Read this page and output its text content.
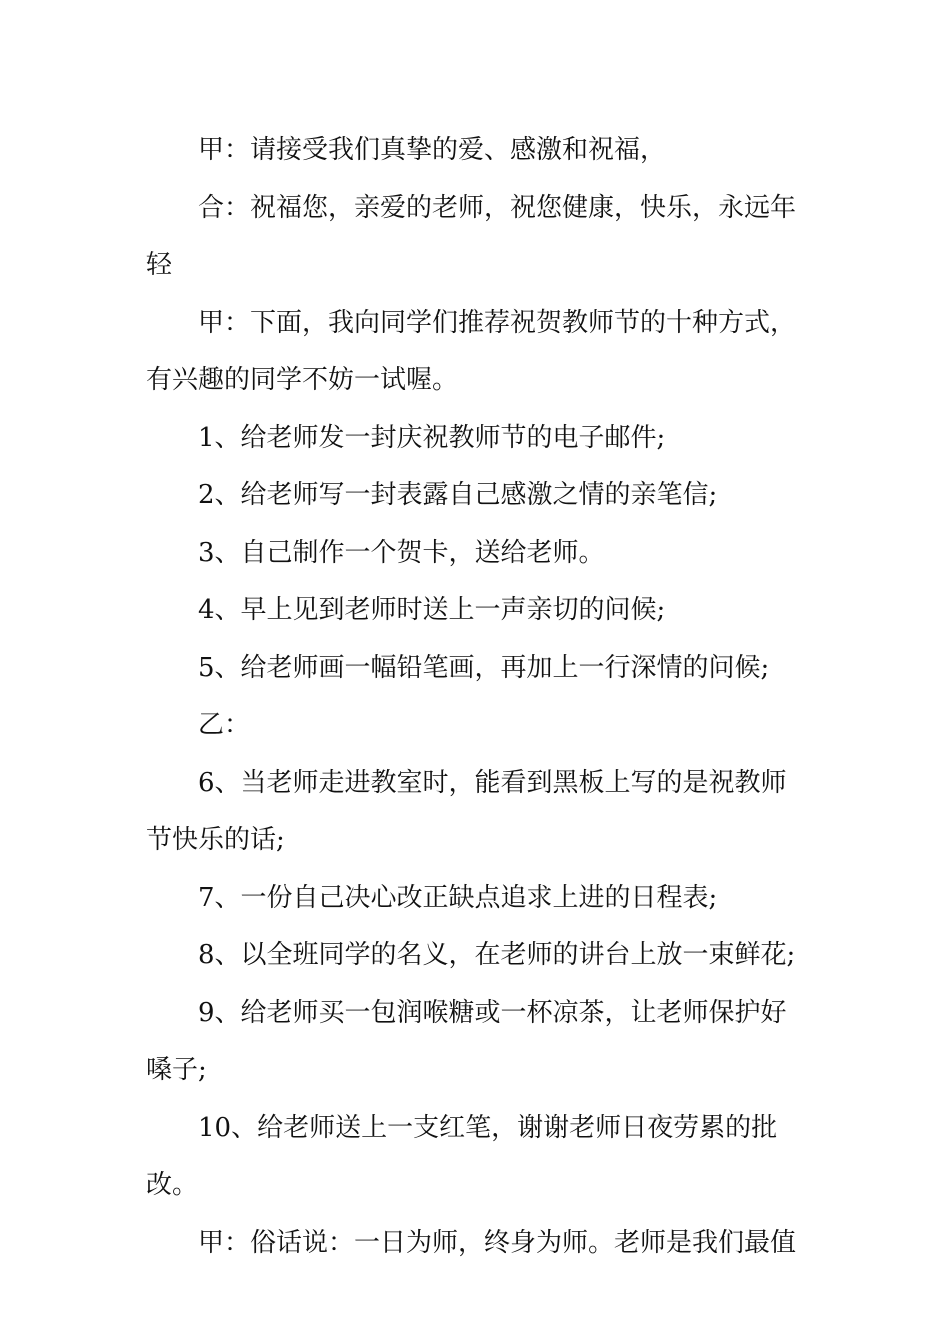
甲：请接受我们真挚的爱、感激和祝福，

合：祝福您，亲爱的老师，祝您健康，快乐，永远年轻

甲：下面，我向同学们推荐祝贺教师节的十种方式，有兴趣的同学不妨一试喔。

1、给老师发一封庆祝教师节的电子邮件;

2、给老师写一封表露自己感激之情的亲笔信;

3、自己制作一个贺卡，送给老师。

4、早上见到老师时送上一声亲切的问候;

5、给老师画一幅铅笔画，再加上一行深情的问候;

乙：

6、当老师走进教室时，能看到黑板上写的是祝教师节快乐的话;

7、一份自己决心改正缺点追求上进的日程表;

8、以全班同学的名义，在老师的讲台上放一束鲜花;

9、给老师买一包润喉糖或一杯凉茶，让老师保护好嗓子;

10、给老师送上一支红笔，谢谢老师日夜劳累的批改。

甲：俗话说：一日为师，终身为师。老师是我们最值
